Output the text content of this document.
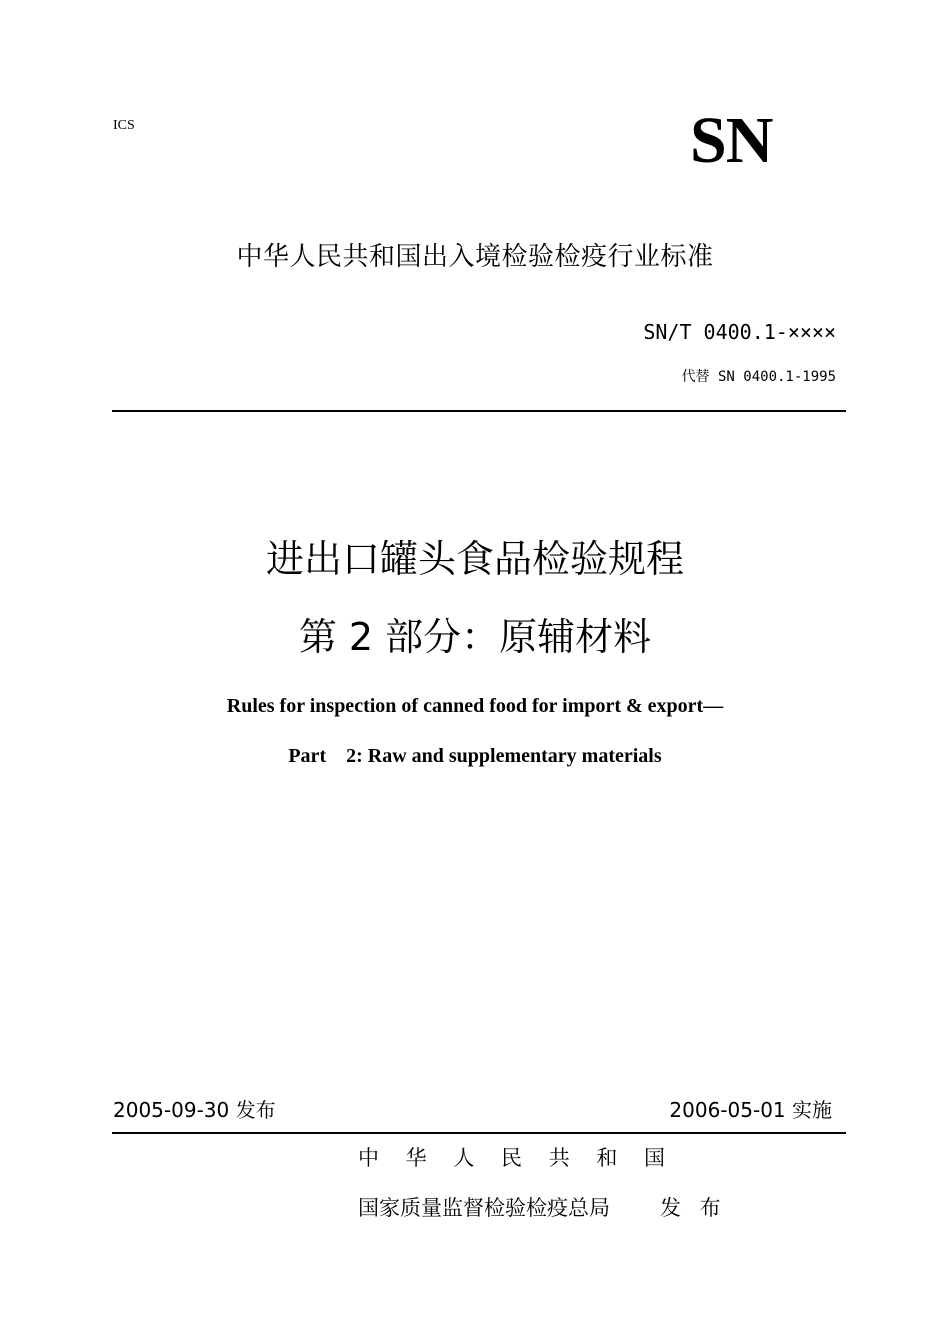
ICS	SN
中华人民共和国出入境检验检疫行业标准
SN/T 0400.1-××××
代替 SN 0400.1-1995
进出口罐头食品检验规程
第 2 部分：原辅材料
Rules for inspection of canned food for import & export—
Part    2: Raw and supplementary materials
2005-09-30 发布	2006-05-01 实施
中 华 人 民 共 和 国
国家质量监督检验检疫总局 发 布
